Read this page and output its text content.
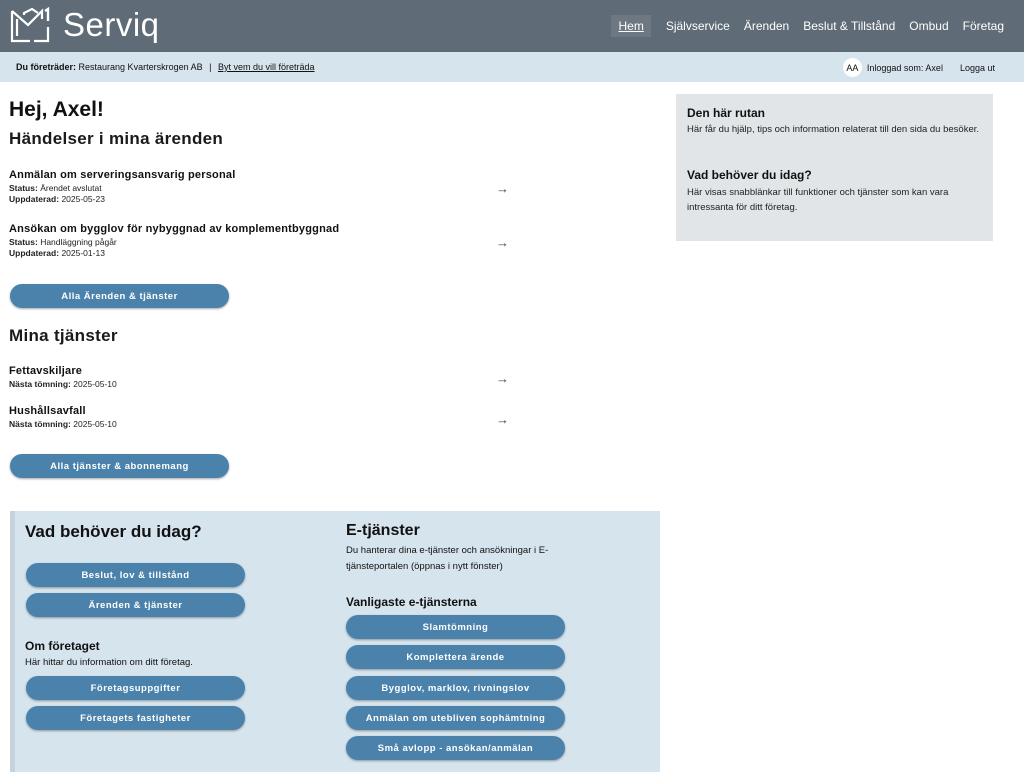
Serviq	Hem	Självservice Ärenden Beslut & Tillstånd Ombud Företag
Du företräder: Restaurang Kvarterskrogen AB | Byt vem du vill företräda	AA Inloggad som: Axel Logga ut
Hej, Axel!
Händelser i mina ärenden
Anmälan om serveringsansvarig personal
Status: Ärendet avslutat
Uppdaterad: 2025-05-23
→
Ansökan om bygglov för nybyggnad av komplementbyggnad
Status: Handläggning pågår
Uppdaterad: 2025-01-13
→
Alla Ärenden & tjänster
Mina tjänster
Fettavskiljare
Nästa tömning: 2025-05-10	→
Hushållsavfall
Nästa tömning: 2025-05-10	→
Alla tjänster & abonnemang
Vad behöver du idag?
Beslut, lov & tillstånd
Ärenden & tjänster
Om företaget
Här hittar du information om ditt företag.
Företagsuppgifter
Företagets fastigheter
E-tjänster
Du hanterar dina e-tjänster och ansökningar i E-
tjänsteportalen (öppnas i nytt fönster)
Vanligaste e-tjänsterna
Slamtömning
Komplettera ärende
Bygglov, marklov, rivningslov
Anmälan om utebliven sophämtning
Små avlopp - ansökan/anmälan
Den här rutan
Här får du hjälp, tips och information relaterat till den sida du besöker.
Vad behöver du idag?
Här visas snabblänkar till funktioner och tjänster som kan vara intressanta för ditt företag.
